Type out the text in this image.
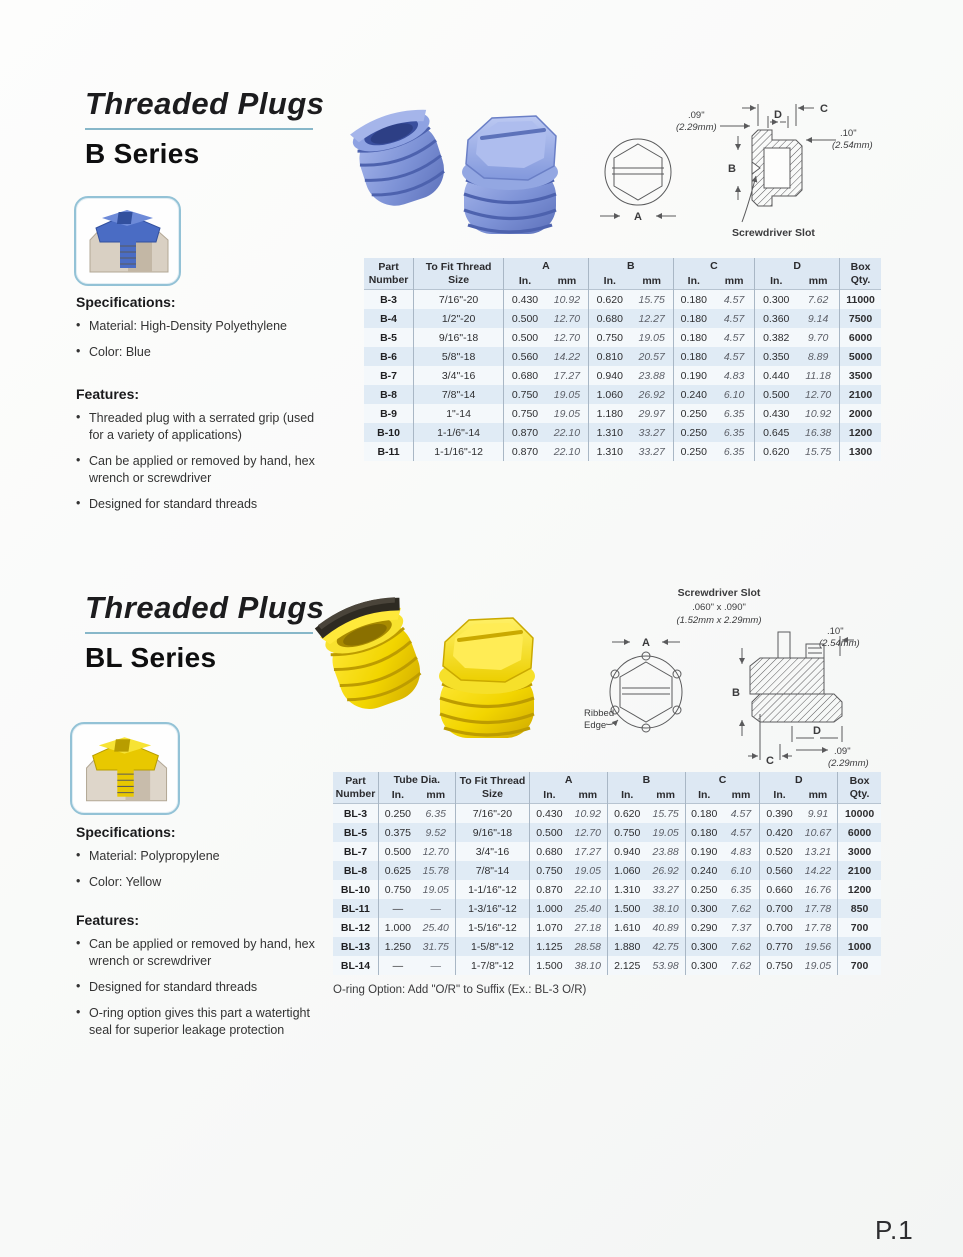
Threaded Plugs
B Series
Specifications:
• Material: High-Density Polyethylene
• Color: Blue
Features:
• Threaded plug with a serrated grip (used for a variety of applications)
• Can be applied or removed by hand, hex wrench or screwdriver
• Designed for standard threads
A
C
D
.09"
(2.29mm)
.10"
(2.54mm)
B
Screwdriver Slot
Part Number	To Fit Thread Size	A		B		C		D		Box Qty.
		In.	mm	In.	mm	In.	mm	In.	mm	
B-3	7/16"-20	0.430	10.92	0.620	15.75	0.180	4.57	0.300	7.62	11000
B-4	1/2"-20	0.500	12.70	0.680	12.27	0.180	4.57	0.360	9.14	7500
B-5	9/16"-18	0.500	12.70	0.750	19.05	0.180	4.57	0.382	9.70	6000
B-6	5/8"-18	0.560	14.22	0.810	20.57	0.180	4.57	0.350	8.89	5000
B-7	3/4"-16	0.680	17.27	0.940	23.88	0.190	4.83	0.440	11.18	3500
B-8	7/8"-14	0.750	19.05	1.060	26.92	0.240	6.10	0.500	12.70	2100
B-9	1"-14	0.750	19.05	1.180	29.97	0.250	6.35	0.430	10.92	2000
B-10	1-1/6"-14	0.870	22.10	1.310	33.27	0.250	6.35	0.645	16.38	1200
B-11	1-1/16"-12	0.870	22.10	1.310	33.27	0.250	6.35	0.620	15.75	1300
Threaded Plugs
BL Series
Specifications:
• Material: Polypropylene
• Color: Yellow
Features:
• Can be applied or removed by hand, hex wrench or screwdriver
• Designed for standard threads
• O-ring option gives this part a watertight seal for superior leakage protection
Screwdriver Slot
.060" x .090"
(1.52mm x 2.29mm)
.10"
(2.54mm)
A
Ribbed
Edge
B
D
.09"
(2.29mm)
C
Part Number	Tube Dia.		To Fit Thread Size	A		B		C		D		Box Qty.
	In.	mm		In.	mm	In.	mm	In.	mm	In.	mm	
BL-3	0.250	6.35	7/16"-20	0.430	10.92	0.620	15.75	0.180	4.57	0.390	9.91	10000
BL-5	0.375	9.52	9/16"-18	0.500	12.70	0.750	19.05	0.180	4.57	0.420	10.67	6000
BL-7	0.500	12.70	3/4"-16	0.680	17.27	0.940	23.88	0.190	4.83	0.520	13.21	3000
BL-8	0.625	15.78	7/8"-14	0.750	19.05	1.060	26.92	0.240	6.10	0.560	14.22	2100
BL-10	0.750	19.05	1-1/16"-12	0.870	22.10	1.310	33.27	0.250	6.35	0.660	16.76	1200
BL-11	—	—	1-3/16"-12	1.000	25.40	1.500	38.10	0.300	7.62	0.700	17.78	850
BL-12	1.000	25.40	1-5/16"-12	1.070	27.18	1.610	40.89	0.290	7.37	0.700	17.78	700
BL-13	1.250	31.75	1-5/8"-12	1.125	28.58	1.880	42.75	0.300	7.62	0.770	19.56	1000
BL-14	—	—	1-7/8"-12	1.500	38.10	2.125	53.98	0.300	7.62	0.750	19.05	700
O-ring Option: Add "O/R" to Suffix (Ex.: BL-3 O/R)
P.1
